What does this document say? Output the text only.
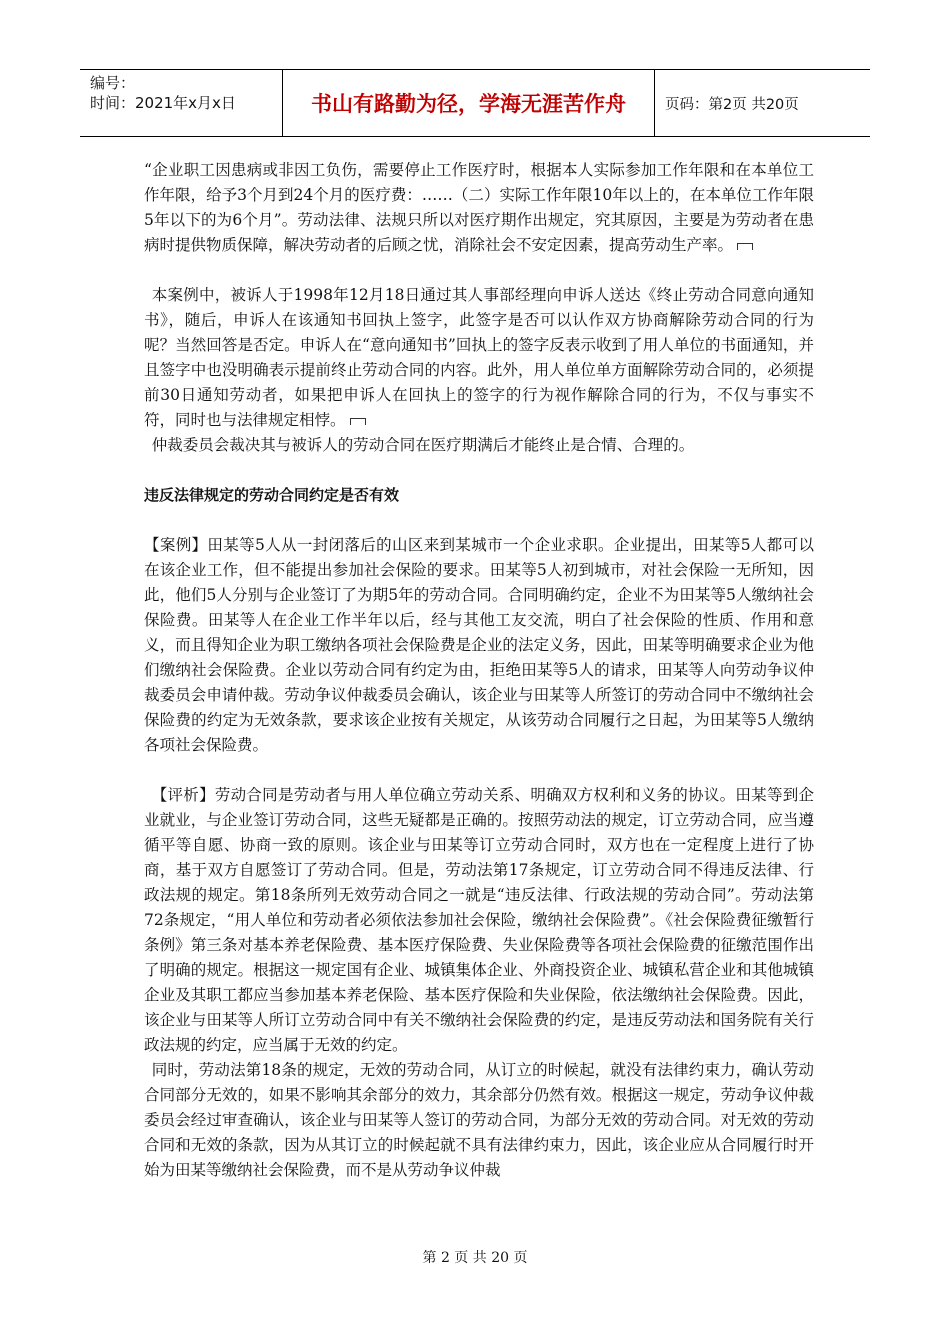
编号：
时间：2021年x月x日	书山有路勤为径，学海无涯苦作舟	页码：第2页 共20页

“企业职工因患病或非因工负伤，需要停止工作医疗时，根据本人实际参加工作年限和在本单位工作年限，给予3个月到24个月的医疗费：……（二）实际工作年限10年以上的，在本单位工作年限5年以下的为6个月”。劳动法律、法规只所以对医疗期作出规定，究其原因，主要是为劳动者在患病时提供物质保障，解决劳动者的后顾之忧，消除社会不安定因素，提高劳动生产率。

本案例中，被诉人于1998年12月18日通过其人事部经理向申诉人送达《终止劳动合同意向通知书》，随后，申诉人在该通知书回执上签字，此签字是否可以认作双方协商解除劳动合同的行为呢？当然回答是否定。申诉人在“意向通知书”回执上的签字反表示收到了用人单位的书面通知，并且签字中也没明确表示提前终止劳动合同的内容。此外，用人单位单方面解除劳动合同的，必须提前30日通知劳动者，如果把申诉人在回执上的签字的行为视作解除合同的行为，不仅与事实不符，同时也与法律规定相悖。

仲裁委员会裁决其与被诉人的劳动合同在医疗期满后才能终止是合情、合理的。

违反法律规定的劳动合同约定是否有效

【案例】田某等5人从一封闭落后的山区来到某城市一个企业求职。企业提出，田某等5人都可以在该企业工作，但不能提出参加社会保险的要求。田某等5人初到城市，对社会保险一无所知，因此，他们5人分别与企业签订了为期5年的劳动合同。合同明确约定，企业不为田某等5人缴纳社会保险费。田某等人在企业工作半年以后，经与其他工友交流，明白了社会保险的性质、作用和意义，而且得知企业为职工缴纳各项社会保险费是企业的法定义务，因此，田某等明确要求企业为他们缴纳社会保险费。企业以劳动合同有约定为由，拒绝田某等5人的请求，田某等人向劳动争议仲裁委员会申请仲裁。劳动争议仲裁委员会确认，该企业与田某等人所签订的劳动合同中不缴纳社会保险费的约定为无效条款，要求该企业按有关规定，从该劳动合同履行之日起，为田某等5人缴纳各项社会保险费。

【评析】劳动合同是劳动者与用人单位确立劳动关系、明确双方权利和义务的协议。田某等到企业就业，与企业签订劳动合同，这些无疑都是正确的。按照劳动法的规定，订立劳动合同，应当遵循平等自愿、协商一致的原则。该企业与田某等订立劳动合同时，双方也在一定程度上进行了协商，基于双方自愿签订了劳动合同。但是，劳动法第17条规定，订立劳动合同不得违反法律、行政法规的规定。第18条所列无效劳动合同之一就是“违反法律、行政法规的劳动合同”。劳动法第72条规定，“用人单位和劳动者必须依法参加社会保险，缴纳社会保险费”。《社会保险费征缴暂行条例》第三条对基本养老保险费、基本医疗保险费、失业保险费等各项社会保险费的征缴范围作出了明确的规定。根据这一规定国有企业、城镇集体企业、外商投资企业、城镇私营企业和其他城镇企业及其职工都应当参加基本养老保险、基本医疗保险和失业保险，依法缴纳社会保险费。因此，该企业与田某等人所订立劳动合同中有关不缴纳社会保险费的约定，是违反劳动法和国务院有关行政法规的约定，应当属于无效的约定。

同时，劳动法第18条的规定，无效的劳动合同，从订立的时候起，就没有法律约束力，确认劳动合同部分无效的，如果不影响其余部分的效力，其余部分仍然有效。根据这一规定，劳动争议仲裁委员会经过审查确认，该企业与田某等人签订的劳动合同，为部分无效的劳动合同。对无效的劳动合同和无效的条款，因为从其订立的时候起就不具有法律约束力，因此，该企业应从合同履行时开始为田某等缴纳社会保险费，而不是从劳动争议仲裁

第 2 页 共 20 页
